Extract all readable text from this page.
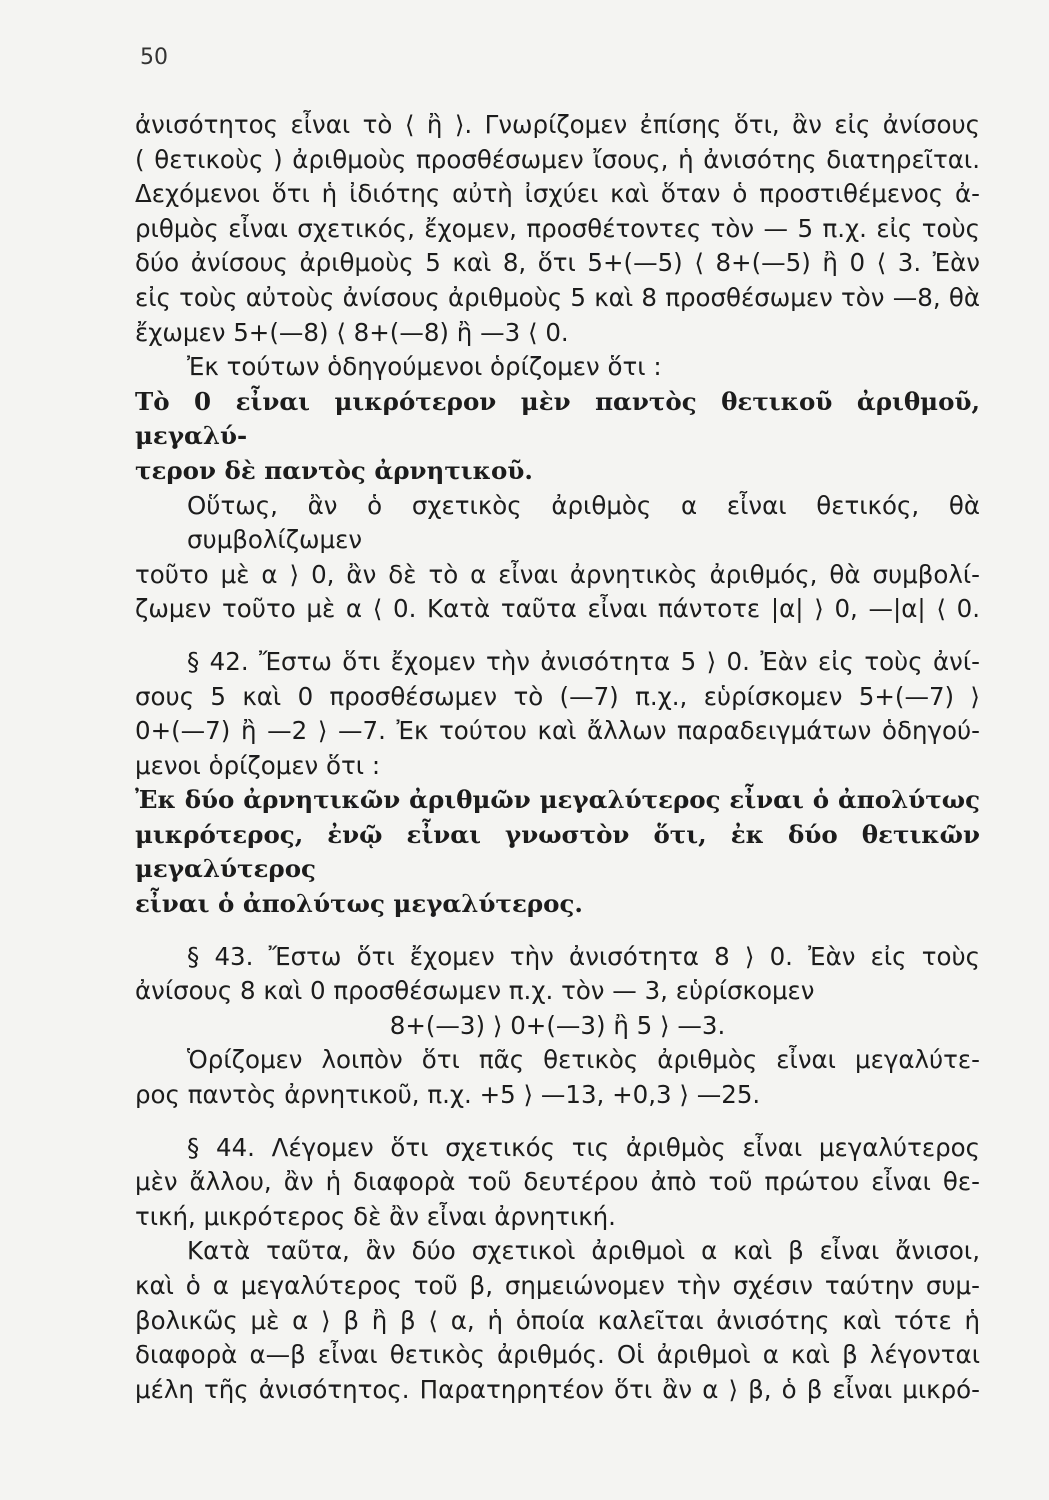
50
ἀνισότητος εἶναι τὸ ⟨ ἢ ⟩. Γνωρίζομεν ἐπίσης ὅτι, ἂν εἰς ἀνίσους
( θετικοὺς ) ἀριθμοὺς προσθέσωμεν ἴσους, ἡ ἀνισότης διατηρεῖται.
Δεχόμενοι ὅτι ἡ ἰδιότης αὐτὴ ἰσχύει καὶ ὅταν ὁ προστιθέμενος ἀ-
ριθμὸς εἶναι σχετικός, ἔχομεν, προσθέτοντες τὸν — 5 π.χ. εἰς τοὺς
δύο ἀνίσους ἀριθμοὺς 5 καὶ 8, ὅτι 5+(—5) ⟨ 8+(—5) ἢ 0 ⟨ 3. Ἐὰν
εἰς τοὺς αὐτοὺς ἀνίσους ἀριθμοὺς 5 καὶ 8 προσθέσωμεν τὸν —8, θὰ
ἔχωμεν 5+(—8) ⟨ 8+(—8) ἢ —3 ⟨ 0.
Ἐκ τούτων ὁδηγούμενοι ὁρίζομεν ὅτι :
Τὸ 0 εἶναι μικρότερον μὲν παντὸς θετικοῦ ἀριθμοῦ, μεγαλύ-
τερον δὲ παντὸς ἀρνητικοῦ.
Οὕτως, ἂν ὁ σχετικὸς ἀριθμὸς α εἶναι θετικός, θὰ συμβολίζωμεν
τοῦτο μὲ α ⟩ 0, ἂν δὲ τὸ α εἶναι ἀρνητικὸς ἀριθμός, θὰ συμβολί-
ζωμεν τοῦτο μὲ α ⟨ 0. Κατὰ ταῦτα εἶναι πάντοτε |α| ⟩ 0, —|α| ⟨ 0.
§ 42. Ἔστω ὅτι ἔχομεν τὴν ἀνισότητα 5 ⟩ 0. Ἐὰν εἰς τοὺς ἀνί-
σους 5 καὶ 0 προσθέσωμεν τὸ (—7) π.χ., εὑρίσκομεν 5+(—7) ⟩
0+(—7) ἢ —2 ⟩ —7. Ἐκ τούτου καὶ ἄλλων παραδειγμάτων ὁδηγού-
μενοι ὁρίζομεν ὅτι :
Ἐκ δύο ἀρνητικῶν ἀριθμῶν μεγαλύτερος εἶναι ὁ ἀπολύτως
μικρότερος, ἐνῷ εἶναι γνωστὸν ὅτι, ἐκ δύο θετικῶν μεγαλύτερος
εἶναι ὁ ἀπολύτως μεγαλύτερος.
§ 43. Ἔστω ὅτι ἔχομεν τὴν ἀνισότητα 8 ⟩ 0. Ἐὰν εἰς τοὺς
ἀνίσους 8 καὶ 0 προσθέσωμεν π.χ. τὸν — 3, εὑρίσκομεν
8+(—3) ⟩ 0+(—3) ἢ 5 ⟩ —3.
Ὁρίζομεν λοιπὸν ὅτι πᾶς θετικὸς ἀριθμὸς εἶναι μεγαλύτε-
ρος παντὸς ἀρνητικοῦ, π.χ. +5 ⟩ —13, +0,3 ⟩ —25.
§ 44. Λέγομεν ὅτι σχετικός τις ἀριθμὸς εἶναι μεγαλύτερος
μὲν ἄλλου, ἂν ἡ διαφορὰ τοῦ δευτέρου ἀπὸ τοῦ πρώτου εἶναι θε-
τική, μικρότερος δὲ ἂν εἶναι ἀρνητική.
Κατὰ ταῦτα, ἂν δύο σχετικοὶ ἀριθμοὶ α καὶ β εἶναι ἄνισοι,
καὶ ὁ α μεγαλύτερος τοῦ β, σημειώνομεν τὴν σχέσιν ταύτην συμ-
βολικῶς μὲ α ⟩ β ἢ β ⟨ α, ἡ ὁποία καλεῖται ἀνισότης καὶ τότε ἡ
διαφορὰ α—β εἶναι θετικὸς ἀριθμός. Οἱ ἀριθμοὶ α καὶ β λέγονται
μέλη τῆς ἀνισότητος. Παρατηρητέον ὅτι ἂν α ⟩ β, ὁ β εἶναι μικρό-
